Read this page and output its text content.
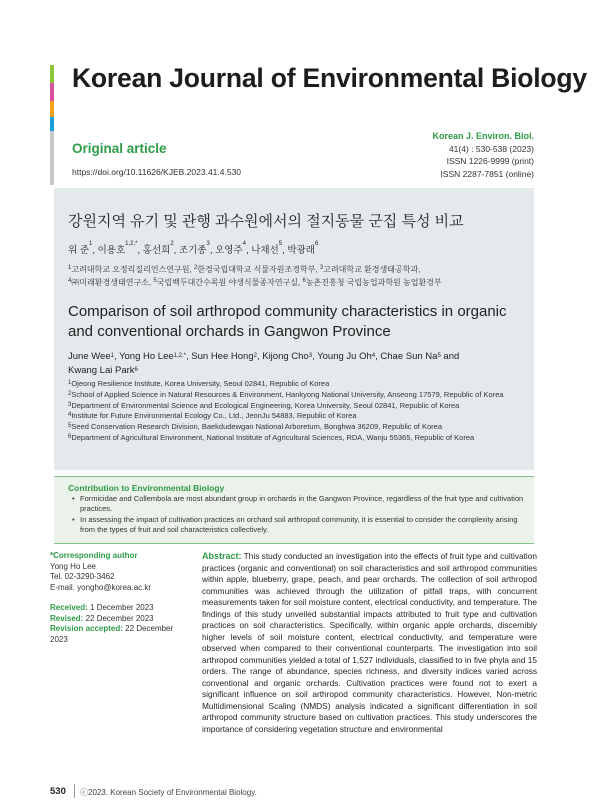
Korean Journal of Environmental Biology
Original article
https://doi.org/10.11626/KJEB.2023.41.4.530
Korean J. Environ. Biol.
41(4) : 530-538 (2023)
ISSN 1226-9999 (print)
ISSN 2287-7851 (online)
강원지역 유기 및 관행 과수원에서의 절지동물 군집 특성 비교
위 준$^1$, 이용호$^{1,2,*}$, 홍선희$^2$, 조기종$^3$, 오영주$^4$, 나채선$^5$, 박광래$^6$
$^1$고려대학교 오정리질리언스연구원, $^2$한경국립대학교 식물자원조경학부, $^3$고려대학교 환경생태공학과,
$^4$㈜미래환경생태연구소, $^5$국립백두대간수목원 야생식물종자연구실, $^6$농촌진흥청 국립농업과학원 농업환경부
Comparison of soil arthropod community characteristics in organic and conventional orchards in Gangwon Province
June Wee$^1$, Yong Ho Lee$^{1,2,*}$, Sun Hee Hong$^2$, Kijong Cho$^3$, Young Ju Oh$^4$, Chae Sun Na$^5$ and
Kwang Lai Park$^6$
$^1$Ojeong Resilience Institute, Korea University, Seoul 02841, Republic of Korea
$^2$School of Applied Science in Natural Resources & Environment, Hankyong National University, Anseong 17579, Republic of Korea
$^3$Department of Environmental Science and Ecological Engineering, Korea University, Seoul 02841, Republic of Korea
$^4$Institute for Future Environmental Ecology Co., Ltd., JeonJu 54883, Republic of Korea
$^5$Seed Conservation Research Division, Baekdudewgan National Arboretum, Bonghwa 36209, Republic of Korea
$^6$Department of Agricultural Environment, National Institute of Agricultural Sciences, RDA, Wanju 55365, Republic of Korea
Contribution to Environmental Biology
• Formicidae and Collembola are most abundant group in orchards in the Gangwon Province, regardless of the fruit type and cultivation practices.
• In assessing the impact of cultivation practices on orchard soil arthropod community, it is essential to consider the complexity arising from the types of fruit and soil characteristics collectively.
*Corresponding author
Yong Ho Lee
Tel. 02-3290-3462
E-mail. yongho@korea.ac.kr
Received: 1 December 2023
Revised: 22 December 2023
Revision accepted: 22 December 2023
Abstract: This study conducted an investigation into the effects of fruit type and cultivation practices (organic and conventional) on soil characteristics and soil arthropod communities within apple, blueberry, grape, peach, and pear orchards. The collection of soil arthropod communities was achieved through the utilization of pitfall traps, with concurrent measurements taken for soil moisture content, electrical conductivity, and temperature. The findings of this study unveiled substantial impacts attributed to fruit type and cultivation practices on soil characteristics. Specifically, within organic apple orchards, discernibly higher levels of soil moisture content, electrical conductivity, and temperature were observed when compared to their conventional counterparts. The investigation into soil arthropod communities yielded a total of 1,527 individuals, classified to in five phyla and 15 orders. The range of abundance, species richness, and diversity indices varied across conventional and organic orchards. Cultivation practices were found not to exert a significant influence on soil arthropod community characteristics. However, Non-metric Multidimensional Scaling (NMDS) analysis indicated a significant differentiation in soil arthropod community structure based on cultivation practices. This study underscores the importance of considering vegetation structure and environmental
530 ⓒ2023. Korean Society of Environmental Biology.
